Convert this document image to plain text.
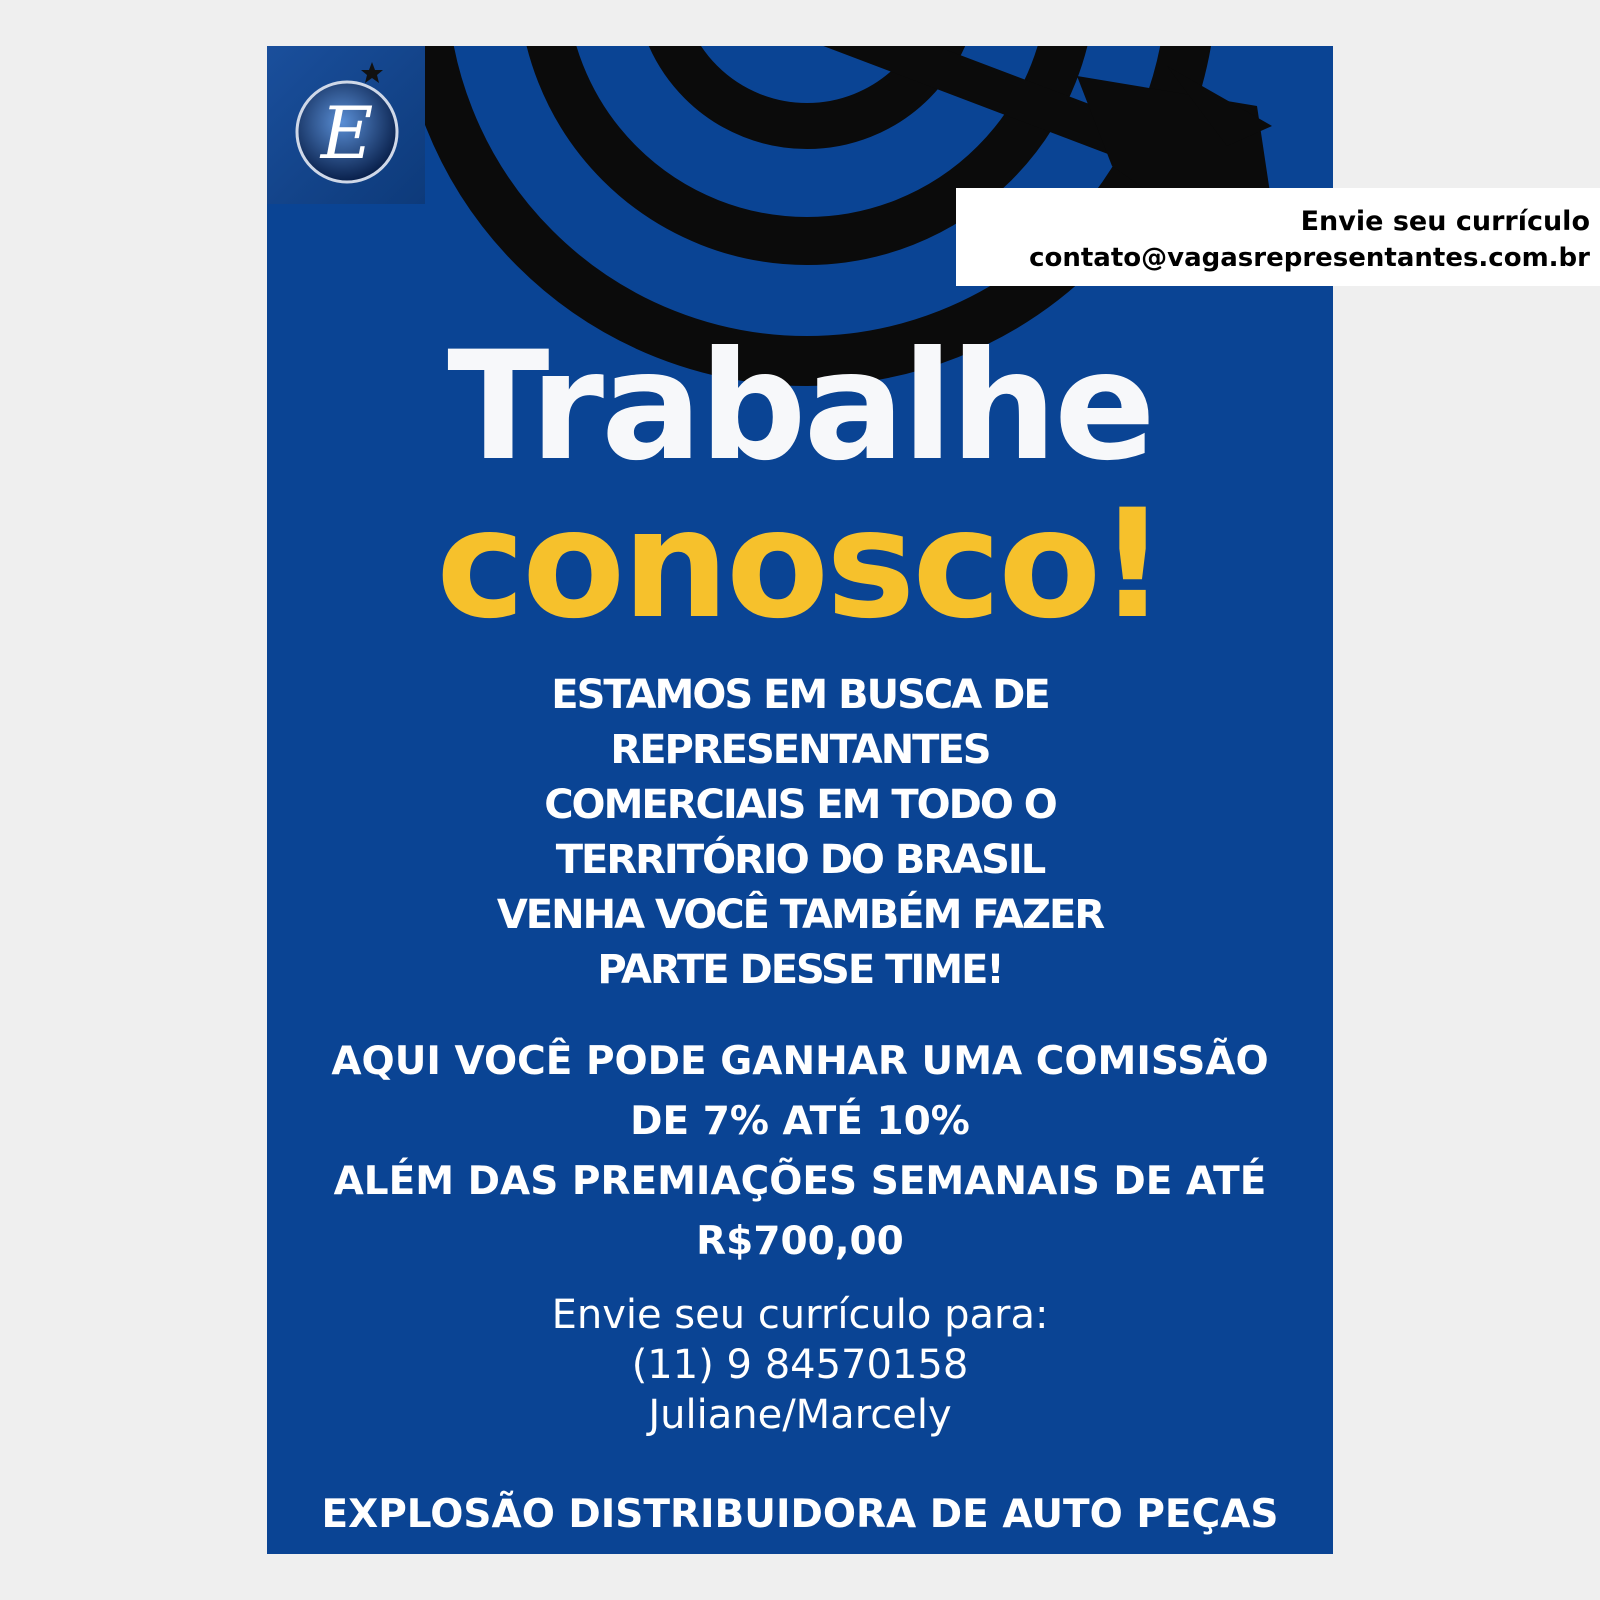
E
Trabalhe
conosco!
ESTAMOS EM BUSCA DE
REPRESENTANTES
COMERCIAIS EM TODO O
TERRITÓRIO DO BRASIL
VENHA VOCÊ TAMBÉM FAZER
PARTE DESSE TIME!
AQUI VOCÊ PODE GANHAR UMA COMISSÃO
DE 7% ATÉ 10%
ALÉM DAS PREMIAÇÕES SEMANAIS DE ATÉ
R$700,00
Envie seu currículo para:
(11) 9 84570158
Juliane/Marcely
EXPLOSÃO DISTRIBUIDORA DE AUTO PEÇAS
Envie seu currículo
contato@vagasrepresentantes.com.br
